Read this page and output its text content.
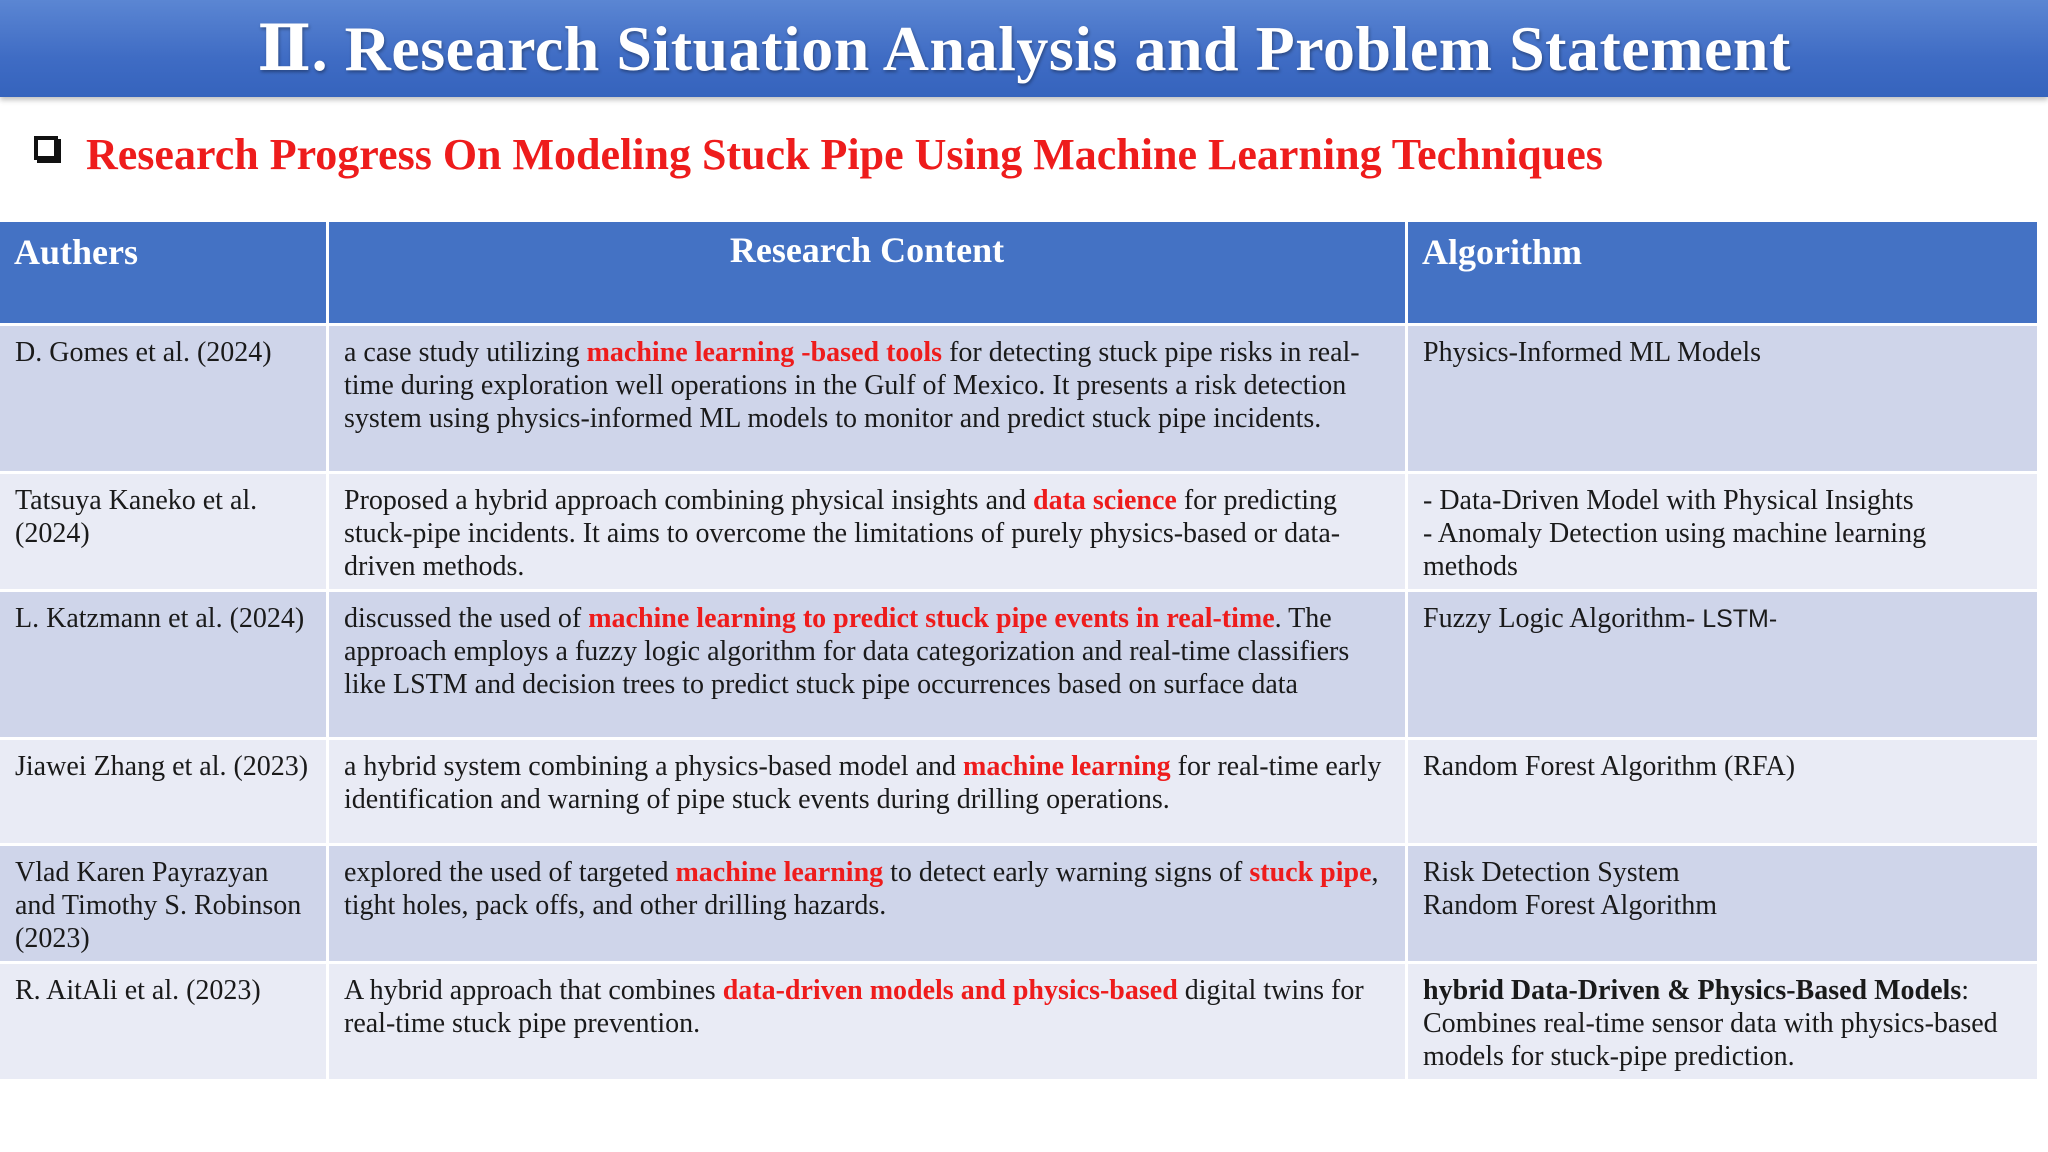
Ⅱ. Research Situation Analysis and Problem Statement
Research Progress On Modeling Stuck Pipe Using Machine Learning Techniques
Authers	Research Content	Algorithm
D. Gomes et al. (2024)	a case study utilizing machine learning -based tools for detecting stuck pipe risks in real-time during exploration well operations in the Gulf of Mexico. It presents a risk detection system using physics-informed ML models to monitor and predict stuck pipe incidents.	Physics-Informed ML Models
Tatsuya Kaneko et al. (2024)	Proposed a hybrid approach combining physical insights and data science for predicting stuck-pipe incidents. It aims to overcome the limitations of purely physics-based or data-driven methods.	- Data-Driven Model with Physical Insights
- Anomaly Detection using machine learning methods

L. Katzmann et al. (2024)	discussed the used of machine learning to predict stuck pipe events in real-time. The approach employs a fuzzy logic algorithm for data categorization and real-time classifiers like LSTM and decision trees to predict stuck pipe occurrences based on surface data	Fuzzy Logic Algorithm- LSTM-
Jiawei Zhang et al. (2023)	a hybrid system combining a physics-based model and machine learning for real-time early identification and warning of pipe stuck events during drilling operations.	Random Forest Algorithm (RFA)
Vlad Karen Payrazyan and Timothy S. Robinson (2023)	explored the used of targeted machine learning to detect early warning signs of stuck pipe, tight holes, pack offs, and other drilling hazards.	Risk Detection System
Random Forest Algorithm

R. AitAli et al. (2023)	A hybrid approach that combines data-driven models and physics-based digital twins for real-time stuck pipe prevention.	hybrid Data-Driven & Physics-Based Models: Combines real-time sensor data with physics-based models for stuck-pipe prediction.
